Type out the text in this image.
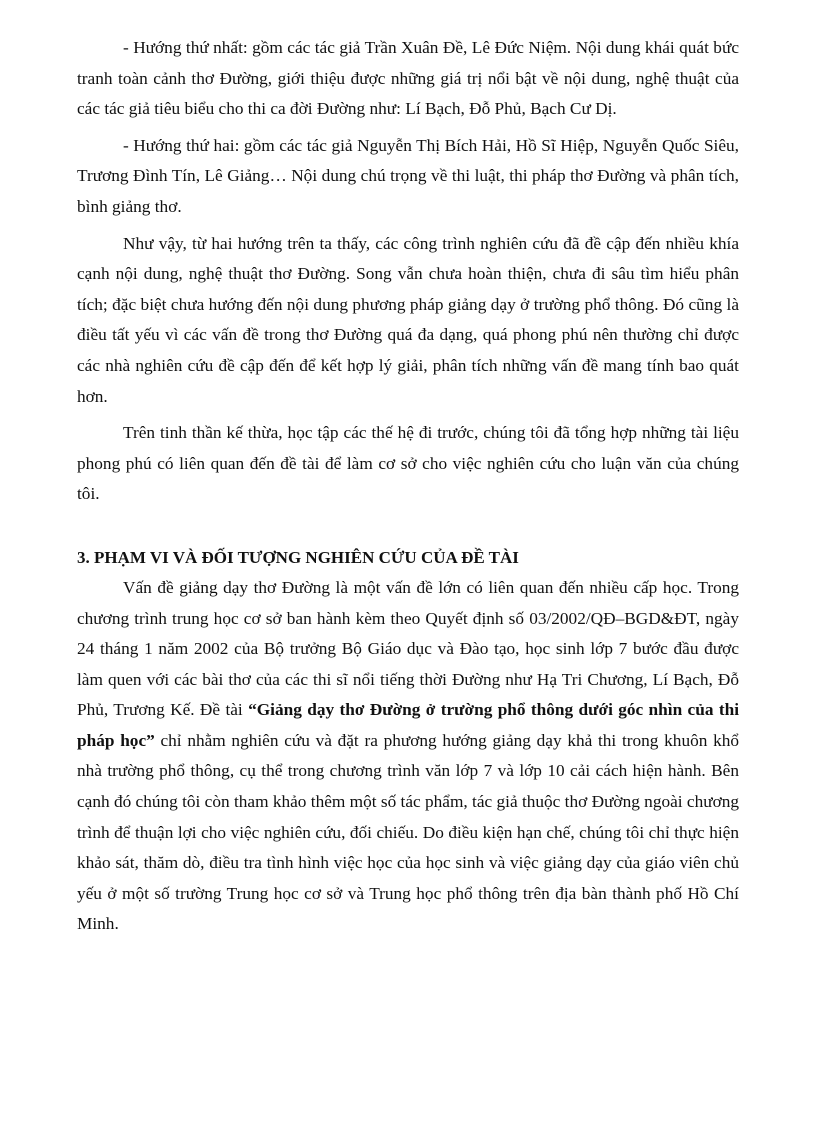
- Hướng thứ nhất: gồm các tác giả Trần Xuân Đề, Lê Đức Niệm. Nội dung khái quát bức tranh toàn cảnh thơ Đường, giới thiệu được những giá trị nổi bật về nội dung, nghệ thuật của các tác giả tiêu biểu cho thi ca đời Đường như: Lí Bạch, Đỗ Phủ, Bạch Cư Dị.

- Hướng thứ hai: gồm các tác giả Nguyễn Thị Bích Hải, Hồ Sĩ Hiệp, Nguyễn Quốc Siêu, Trương Đình Tín, Lê Giảng… Nội dung chú trọng về thi luật, thi pháp thơ Đường và phân tích, bình giảng thơ.

Như vậy, từ hai hướng trên ta thấy, các công trình nghiên cứu đã đề cập đến nhiều khía cạnh nội dung, nghệ thuật thơ Đường. Song vẫn chưa hoàn thiện, chưa đi sâu tìm hiểu phân tích; đặc biệt chưa hướng đến nội dung phương pháp giảng dạy ở trường phổ thông. Đó cũng là điều tất yếu vì các vấn đề trong thơ Đường quá đa dạng, quá phong phú nên thường chỉ được các nhà nghiên cứu đề cập đến để kết hợp lý giải, phân tích những vấn đề mang tính bao quát hơn.

Trên tinh thần kế thừa, học tập các thế hệ đi trước, chúng tôi đã tổng hợp những tài liệu phong phú có liên quan đến đề tài để làm cơ sở cho việc nghiên cứu cho luận văn của chúng tôi.

3. PHẠM VI VÀ ĐỐI TƯỢNG NGHIÊN CỨU CỦA ĐỀ TÀI

Vấn đề giảng dạy thơ Đường là một vấn đề lớn có liên quan đến nhiều cấp học. Trong chương trình trung học cơ sở ban hành kèm theo Quyết định số 03/2002/QĐ–BGD&ĐT, ngày 24 tháng 1 năm 2002 của Bộ trưởng Bộ Giáo dục và Đào tạo, học sinh lớp 7 bước đầu được làm quen với các bài thơ của các thi sĩ nổi tiếng thời Đường như Hạ Tri Chương, Lí Bạch, Đỗ Phủ, Trương Kế. Đề tài “Giảng dạy thơ Đường ở trường phổ thông dưới góc nhìn của thi pháp học” chỉ nhằm nghiên cứu và đặt ra phương hướng giảng dạy khả thi trong khuôn khổ nhà trường phổ thông, cụ thể trong chương trình văn lớp 7 và lớp 10 cải cách hiện hành. Bên cạnh đó chúng tôi còn tham khảo thêm một số tác phẩm, tác giả thuộc thơ Đường ngoài chương trình để thuận lợi cho việc nghiên cứu, đối chiếu. Do điều kiện hạn chế, chúng tôi chỉ thực hiện khảo sát, thăm dò, điều tra tình hình việc học của học sinh và việc giảng dạy của giáo viên chủ yếu ở một số trường Trung học cơ sở và Trung học phổ thông trên địa bàn thành phố Hồ Chí Minh.
